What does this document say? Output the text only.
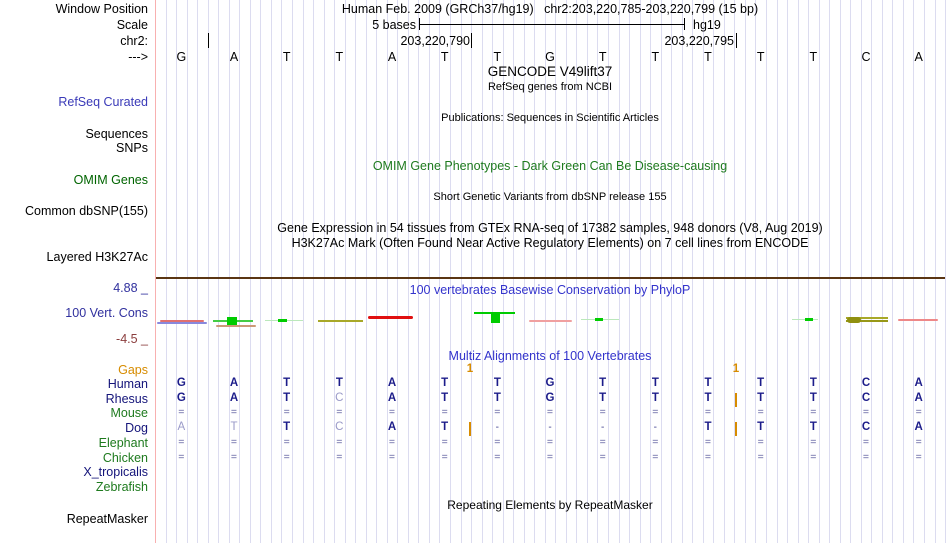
Window Position	Human Feb. 2009 (GRCh37/hg19)   chr2:203,220,785-203,220,799 (15 bp)
Scale	5 bases	hg19
chr2:	203,220,790	203,220,795
---> G	A	T	T	A	T	T	G	T	T	T	T	T	C	A
GENCODE V49lift37
RefSeq genes from NCBI
RefSeq Curated
Publications: Sequences in Scientific Articles
Sequences
SNPs
OMIM Gene Phenotypes - Dark Green Can Be Disease-causing
OMIM Genes
Short Genetic Variants from dbSNP release 155
Common dbSNP(155)
Gene Expression in 54 tissues from GTEx RNA-seq of 17382 samples, 948 donors (V8, Aug 2019)
H3K27Ac Mark (Often Found Near Active Regulatory Elements) on 7 cell lines from ENCODE
Layered H3K27Ac
100 vertebrates Basewise Conservation by PhyloP
4.88 _
100 Vert. Cons
-4.5 _
Multiz Alignments of 100 Vertebrates
Gaps
Human	G	A	T	T	A	T	T	G	T	T	T	T	T	C	A
Rhesus	G	A	T	C	A	T	T	G	T	T	T	T	T	C	A
Mouse	=	=	=	=	=	=	=	=	=	=	=	=	=	=	=
Dog	A	T	T	C	A	T	-	-	-	-	T	T	T	C	A
Elephant	=	=	=	=	=	=	=	=	=	=	=	=	=	=	=
Chicken	=	=	=	=	=	=	=	=	=	=	=	=	=	=	=
X_tropicalis
Zebrafish
1	1
Repeating Elements by RepeatMasker
RepeatMasker
